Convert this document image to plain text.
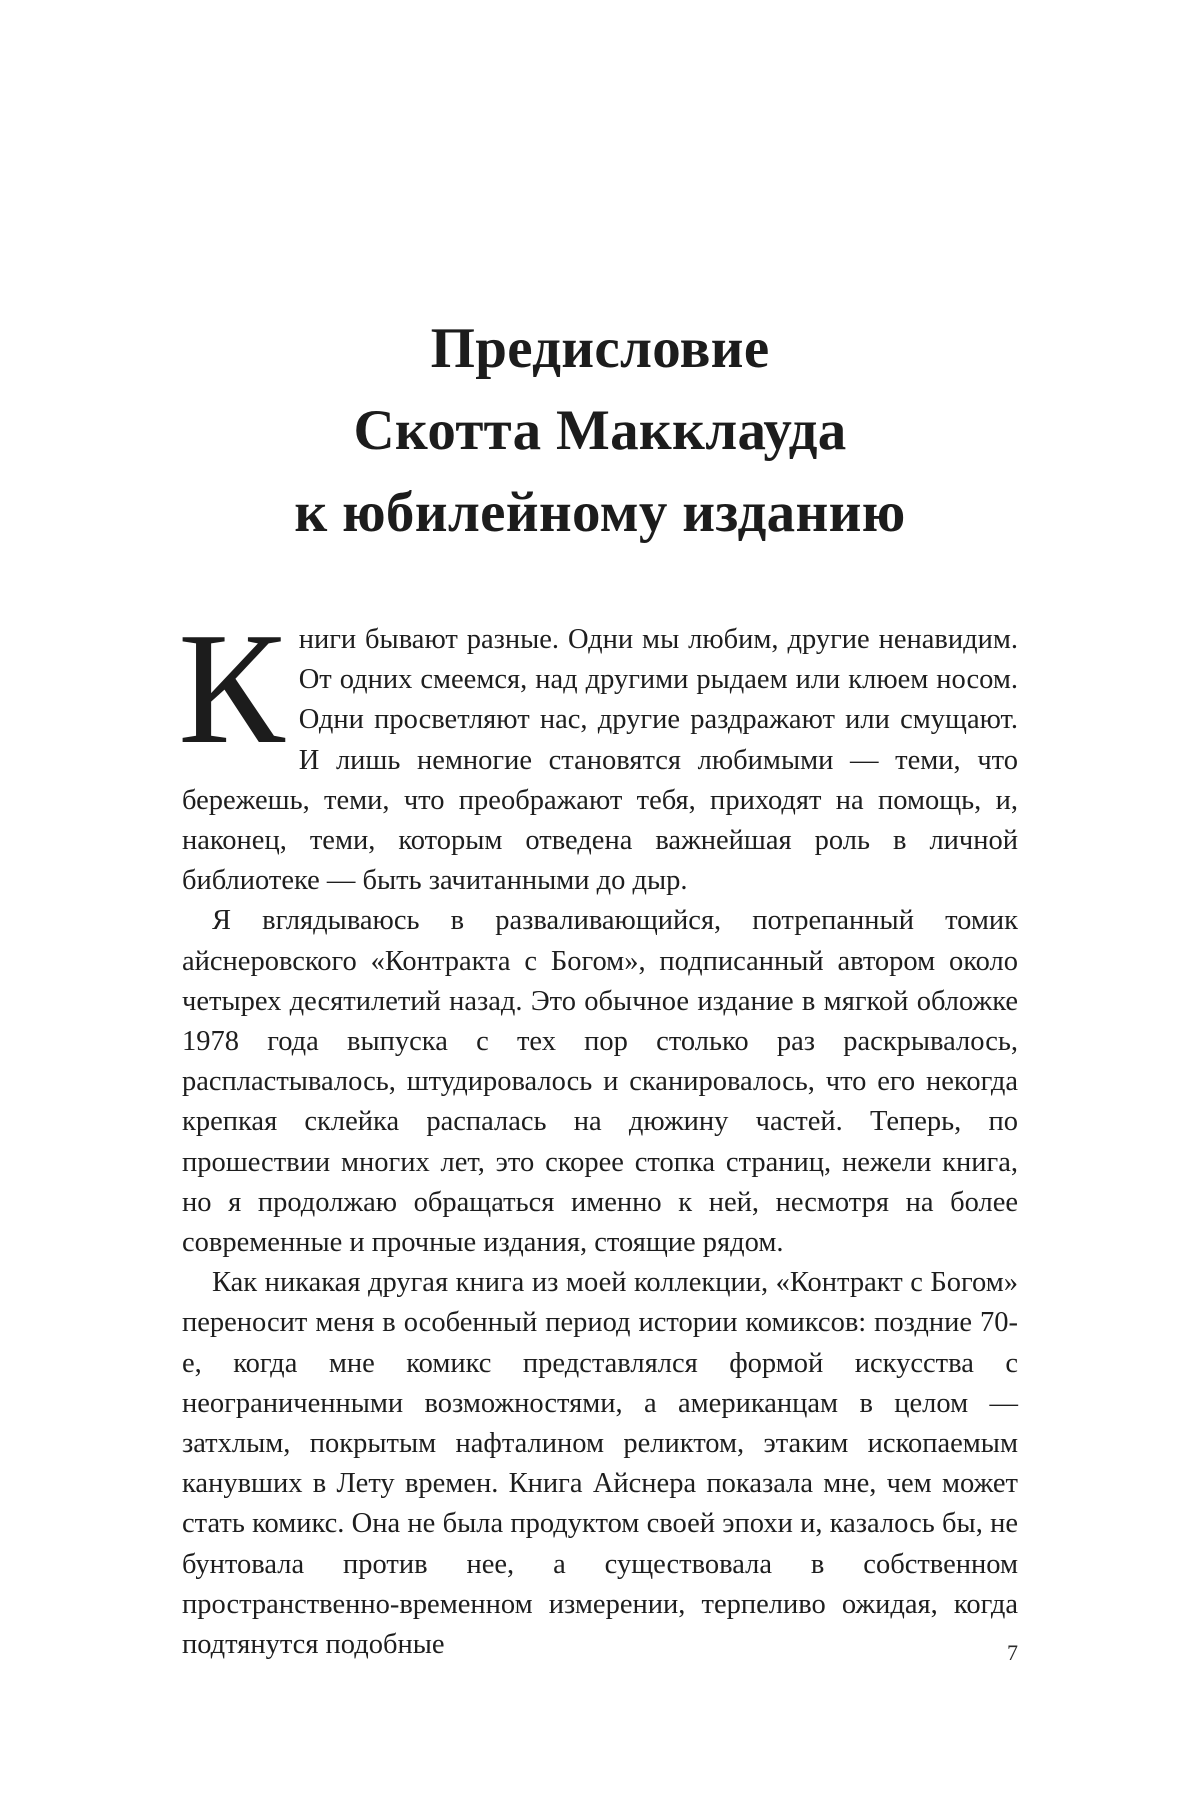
Предисловие
Скотта Макклауда
к юбилейному изданию

Книги бывают разные. Одни мы любим, другие ненавидим. От одних смеемся, над другими рыдаем или клюем носом. Одни просветляют нас, другие раздражают или смущают. И лишь немногие становятся любимыми — теми, что бережешь, теми, что преображают тебя, приходят на помощь, и, наконец, теми, которым отведена важнейшая роль в личной библиотеке — быть зачитанными до дыр.

Я вглядываюсь в разваливающийся, потрепанный томик айснеровского «Контракта с Богом», подписанный автором около четырех десятилетий назад. Это обычное издание в мягкой обложке 1978 года выпуска с тех пор столько раз раскрывалось, распластывалось, штудировалось и сканировалось, что его некогда крепкая склейка распалась на дюжину частей. Теперь, по прошествии многих лет, это скорее стопка страниц, нежели книга, но я продолжаю обращаться именно к ней, несмотря на более современные и прочные издания, стоящие рядом.

Как никакая другая книга из моей коллекции, «Контракт с Богом» переносит меня в особенный период истории комиксов: поздние 70-е, когда мне комикс представлялся формой искусства с неограниченными возможностями, а американцам в целом — затхлым, покрытым нафталином реликтом, этаким ископаемым канувших в Лету времен. Книга Айснера показала мне, чем может стать комикс. Она не была продуктом своей эпохи и, казалось бы, не бунтовала против нее, а существовала в собственном пространственно-временном измерении, терпеливо ожидая, когда подтянутся подобные	7
